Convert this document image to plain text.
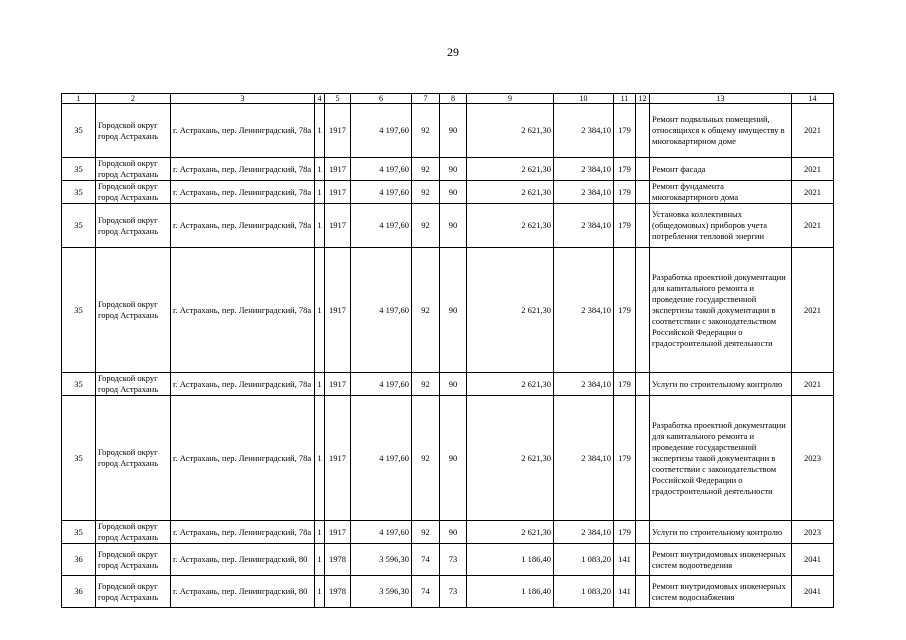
29
1	2	3	4	5	6	7	8	9	10	11	12	13	14
35	Городской округ город Астрахань	г. Астрахань, пер. Ленинградский, 78а	1	1917	4 197,60	92	90	2 621,30	2 384,10	179		Ремонт подвальных помещений, относящихся к общему имуществу в многоквартирном доме	2021
35	Городской округ город Астрахань	г. Астрахань, пер. Ленинградский, 78а	1	1917	4 197,60	92	90	2 621,30	2 384,10	179		Ремонт фасада	2021
35	Городской округ город Астрахань	г. Астрахань, пер. Ленинградский, 78а	1	1917	4 197,60	92	90	2 621,30	2 384,10	179		Ремонт фундамента многоквартирного дома	2021
35	Городской округ город Астрахань	г. Астрахань, пер. Ленинградский, 78а	1	1917	4 197,60	92	90	2 621,30	2 384,10	179		Установка коллективных (общедомовых) приборов учета потребления тепловой энергии	2021
35	Городской округ город Астрахань	г. Астрахань, пер. Ленинградский, 78а	1	1917	4 197,60	92	90	2 621,30	2 384,10	179		Разработка проектной документации для капитального ремонта и проведение государственной экспертизы такой документации в соответствии с законодательством Российской Федерации о градостроительной деятельности	2021
35	Городской округ город Астрахань	г. Астрахань, пер. Ленинградский, 78а	1	1917	4 197,60	92	90	2 621,30	2 384,10	179		Услуги по строительному контролю	2021
35	Городской округ город Астрахань	г. Астрахань, пер. Ленинградский, 78а	1	1917	4 197,60	92	90	2 621,30	2 384,10	179		Разработка проектной документации для капитального ремонта и проведение государственной экспертизы такой документации в соответствии с законодательством Российской Федерации о градостроительной деятельности	2023
35	Городской округ город Астрахань	г. Астрахань, пер. Ленинградский, 78а	1	1917	4 197,60	92	90	2 621,30	2 384,10	179		Услуги по строительному контролю	2023
36	Городской округ город Астрахань	г. Астрахань, пер. Ленинградский, 80	1	1978	3 596,30	74	73	1 186,40	1 083,20	141		Ремонт внутридомовых инженерных систем водоотведения	2041
36	Городской округ город Астрахань	г. Астрахань, пер. Ленинградский, 80	1	1978	3 596,30	74	73	1 186,40	1 083,20	141		Ремонт внутридомовых инженерных систем водоснабжения	2041
